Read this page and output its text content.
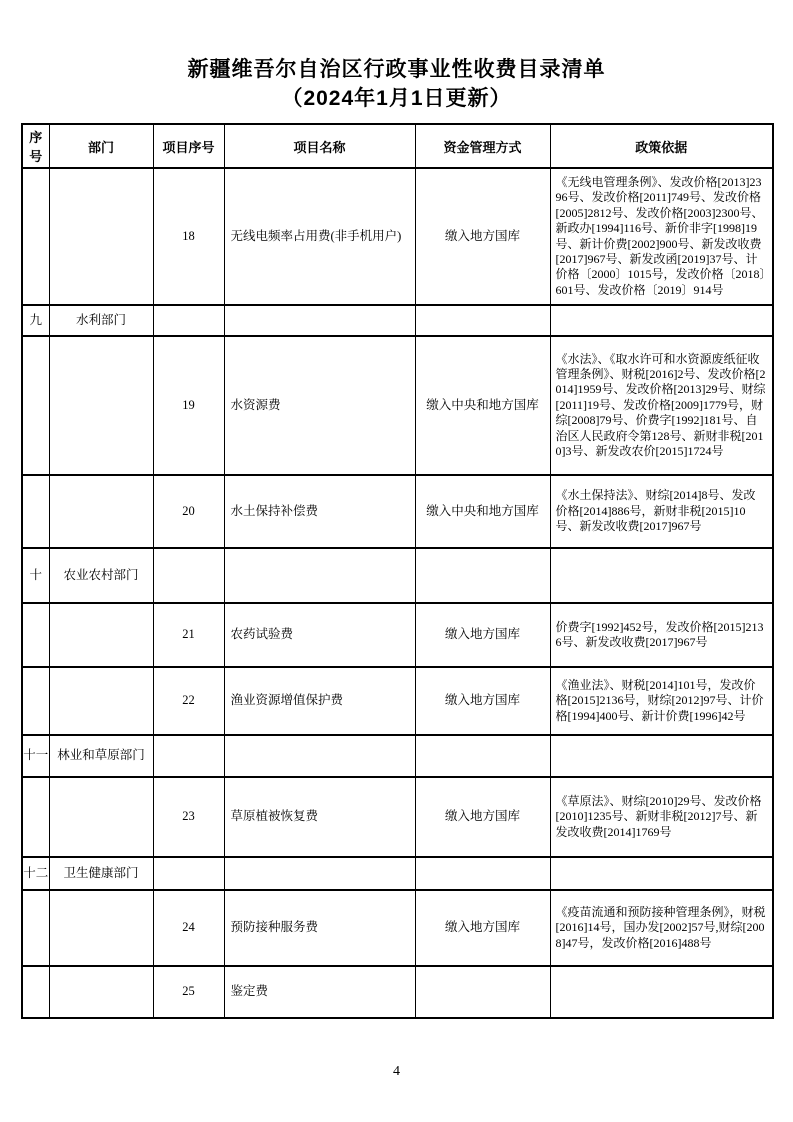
新疆维吾尔自治区行政事业性收费目录清单
（2024年1月1日更新）
序号	部门	项目序号	项目名称	资金管理方式	政策依据
		18	无线电频率占用费(非手机用户)	缴入地方国库	《无线电管理条例》、发改价格[2013]2396号、发改价格[2011]749号、发改价格[2005]2812号、发改价格[2003]2300号、新政办[1994]116号、新价非字[1998]19号、新计价费[2002]900号、新发改收费[2017]967号、新发改函[2019]37号、计价格〔2000〕1015号，发改价格〔2018〕601号、发改价格〔2019〕914号
九	水利部门				
		19	水资源费	缴入中央和地方国库	《水法》、《取水许可和水资源废纸征收管理条例》、财税[2016]2号、发改价格[2014]1959号、发改价格[2013]29号、财综[2011]19号、发改价格[2009]1779号，财综[2008]79号、价费字[1992]181号、自治区人民政府令第128号、新财非税[2010]3号、新发改农价[2015]1724号
		20	水土保持补偿费	缴入中央和地方国库	《水土保持法》、财综[2014]8号、发改价格[2014]886号，新财非税[2015]10号、新发改收费[2017]967号
十	农业农村部门				
		21	农药试验费	缴入地方国库	价费字[1992]452号，发改价格[2015]2136号、新发改收费[2017]967号
		22	渔业资源增值保护费	缴入地方国库	《渔业法》、财税[2014]101号，发改价格[2015]2136号，财综[2012]97号、计价格[1994]400号、新计价费[1996]42号
十一	林业和草原部门				
		23	草原植被恢复费	缴入地方国库	《草原法》、财综[2010]29号、发改价格[2010]1235号、新财非税[2012]7号、新发改收费[2014]1769号
十二	卫生健康部门				
		24	预防接种服务费	缴入地方国库	《疫苗流通和预防接种管理条例》，财税[2016]14号，国办发[2002]57号,财综[2008]47号，发改价格[2016]488号
		25	鉴定费		
4
